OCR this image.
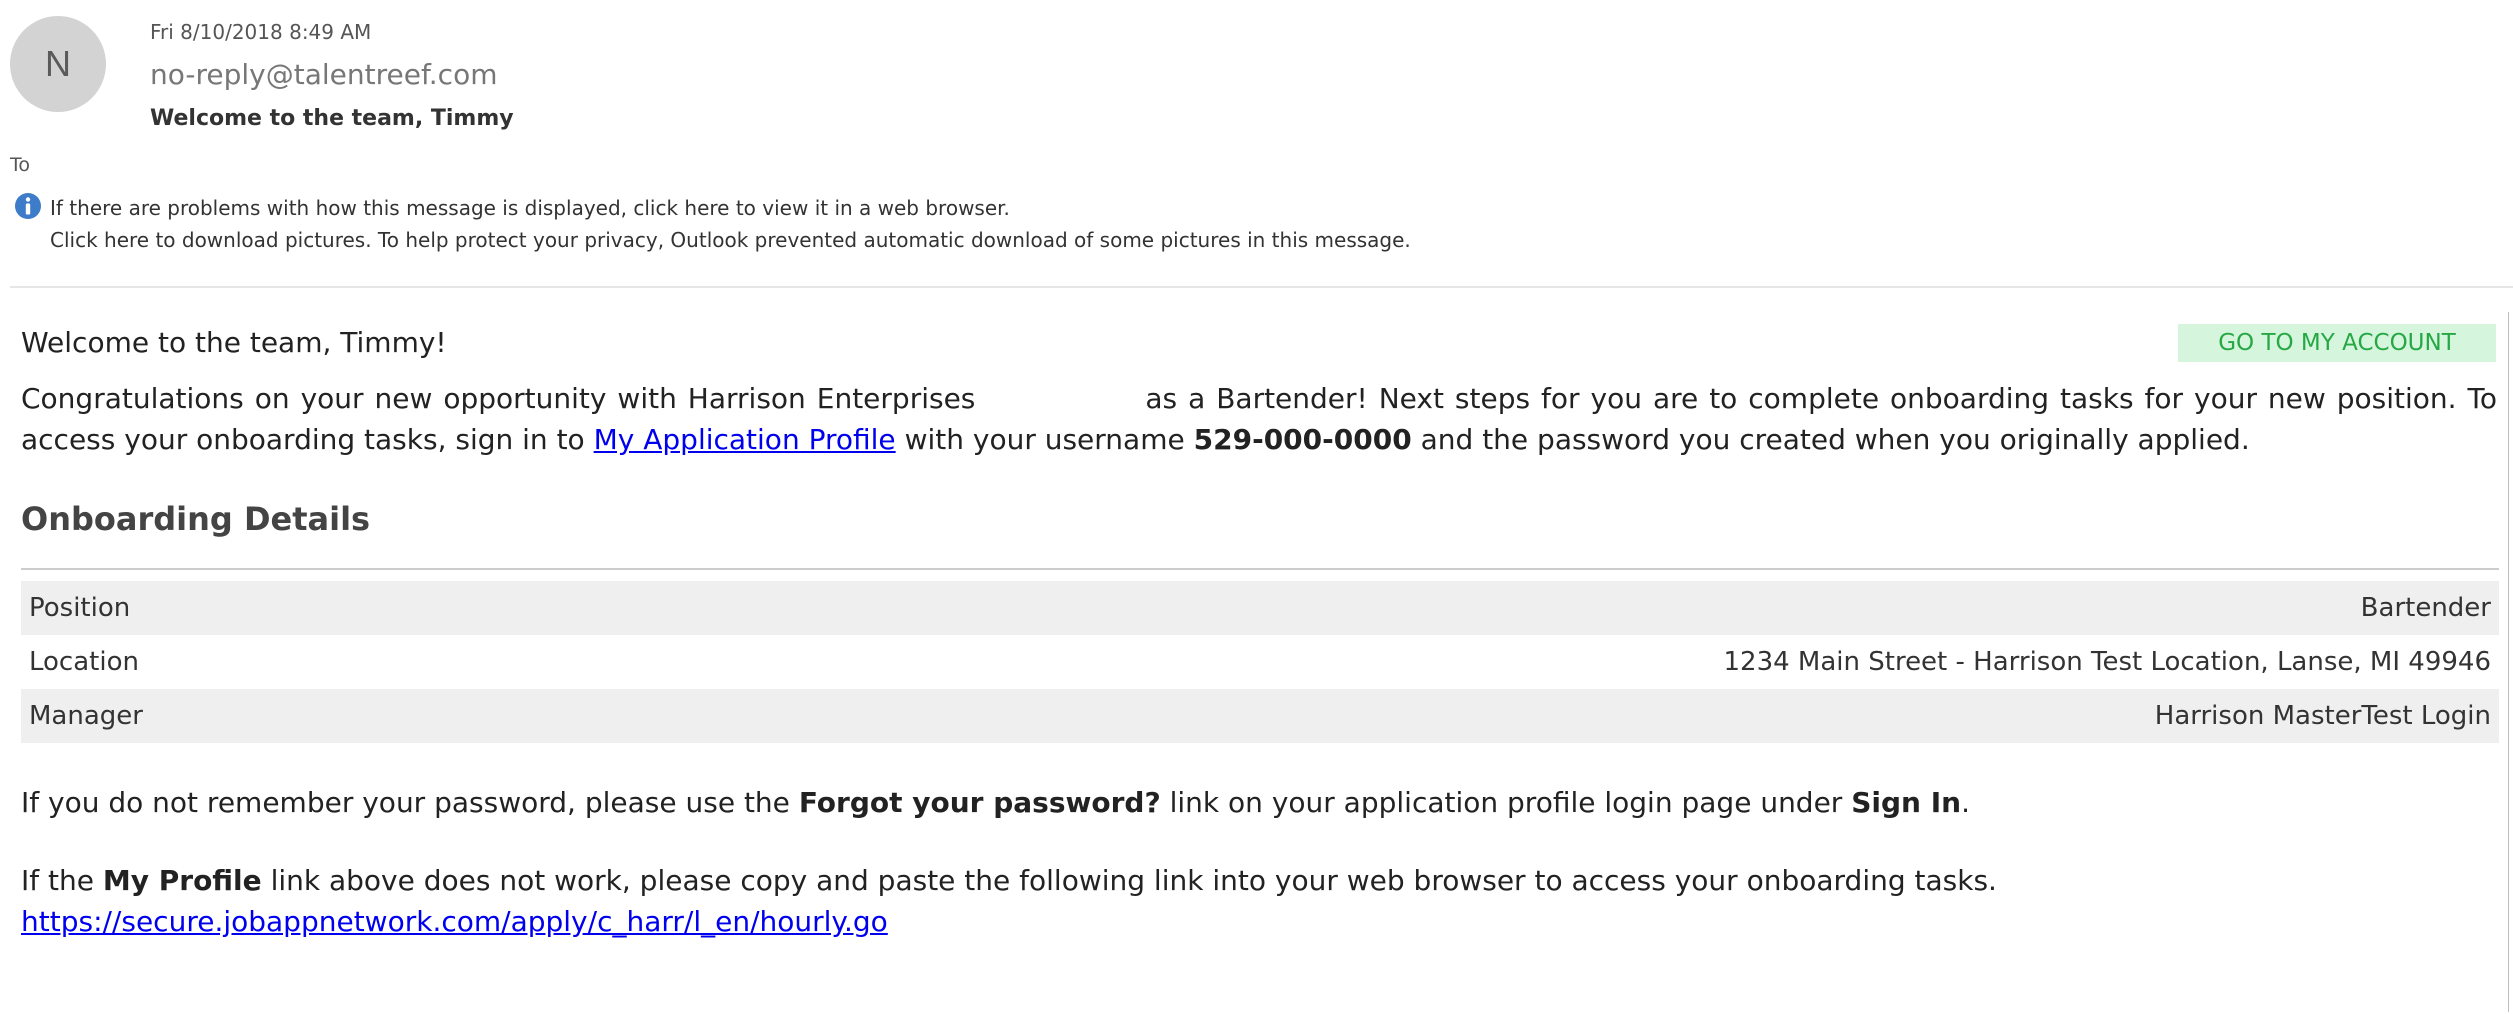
N
Fri 8/10/2018 8:49 AM
no-reply@talentreef.com
Welcome to the team, Timmy
To
If there are problems with how this message is displayed, click here to view it in a web browser.
Click here to download pictures. To help protect your privacy, Outlook prevented automatic download of some pictures in this message.
Welcome to the team, Timmy!	GO TO MY ACCOUNT
Congratulations on your new opportunity with Harrison Enterprises	as a Bartender! Next steps for you are to complete onboarding tasks for your new position. To access your onboarding tasks, sign in to My Application Profile with your username 529-000-0000 and the password you created when you originally applied.
Onboarding Details
Position	Bartender
Location	1234 Main Street - Harrison Test Location, Lanse, MI 49946
Manager	Harrison MasterTest Login
If you do not remember your password, please use the Forgot your password? link on your application profile login page under Sign In.
If the My Profile link above does not work, please copy and paste the following link into your web browser to access your onboarding tasks.
https://secure.jobappnetwork.com/apply/c_harr/l_en/hourly.go
